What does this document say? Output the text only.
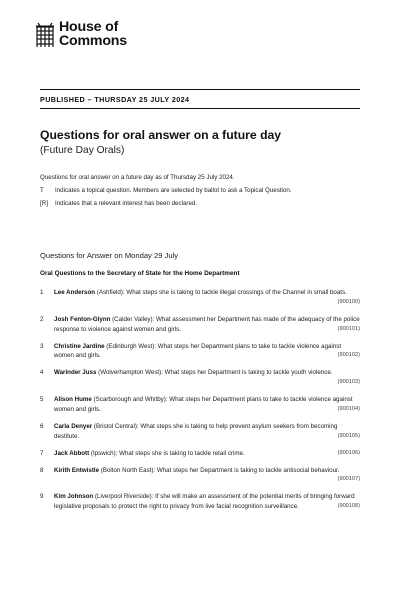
House of
Commons
PUBLISHED – THURSDAY 25 JULY 2024
Questions for oral answer on a future day
(Future Day Orals)
Questions for oral answer on a future day as of Thursday 25 July 2024.
T	Indicates a topical question. Members are selected by ballot to ask a Topical Question.
[R]	Indicates that a relevant interest has been declared.
Questions for Answer on Monday 29 July
Oral Questions to the Secretary of State for the Home Department
1	Lee Anderson (Ashfield): What steps she is taking to tackle illegal crossings of the Channel in small boats.
(900100)
2	Josh Fenton-Glynn (Calder Valley): What assessment her Department has made of the adequacy of the police response to violence against women and girls.	(900101)
3	Christine Jardine (Edinburgh West): What steps her Department plans to take to tackle violence against women and girls.	(900102)
4	Warinder Juss (Wolverhampton West): What steps her Department is taking to tackle youth violence.
(900103)
5	Alison Hume (Scarborough and Whitby): What steps her Department plans to take to tackle violence against women and girls.	(900104)
6	Carla Denyer (Bristol Central): What steps she is taking to help prevent asylum seekers from becoming destitute.	(900105)
7	Jack Abbott (Ipswich): What steps she is taking to tackle retail crime.	(900106)
8	Kirith Entwistle (Bolton North East): What steps her Department is taking to tackle antisocial behaviour.
(900107)
9	Kim Johnson (Liverpool Riverside): If she will make an assessment of the potential merits of bringing forward legislative proposals to protect the right to privacy from live facial recognition surveillance.	(900108)
